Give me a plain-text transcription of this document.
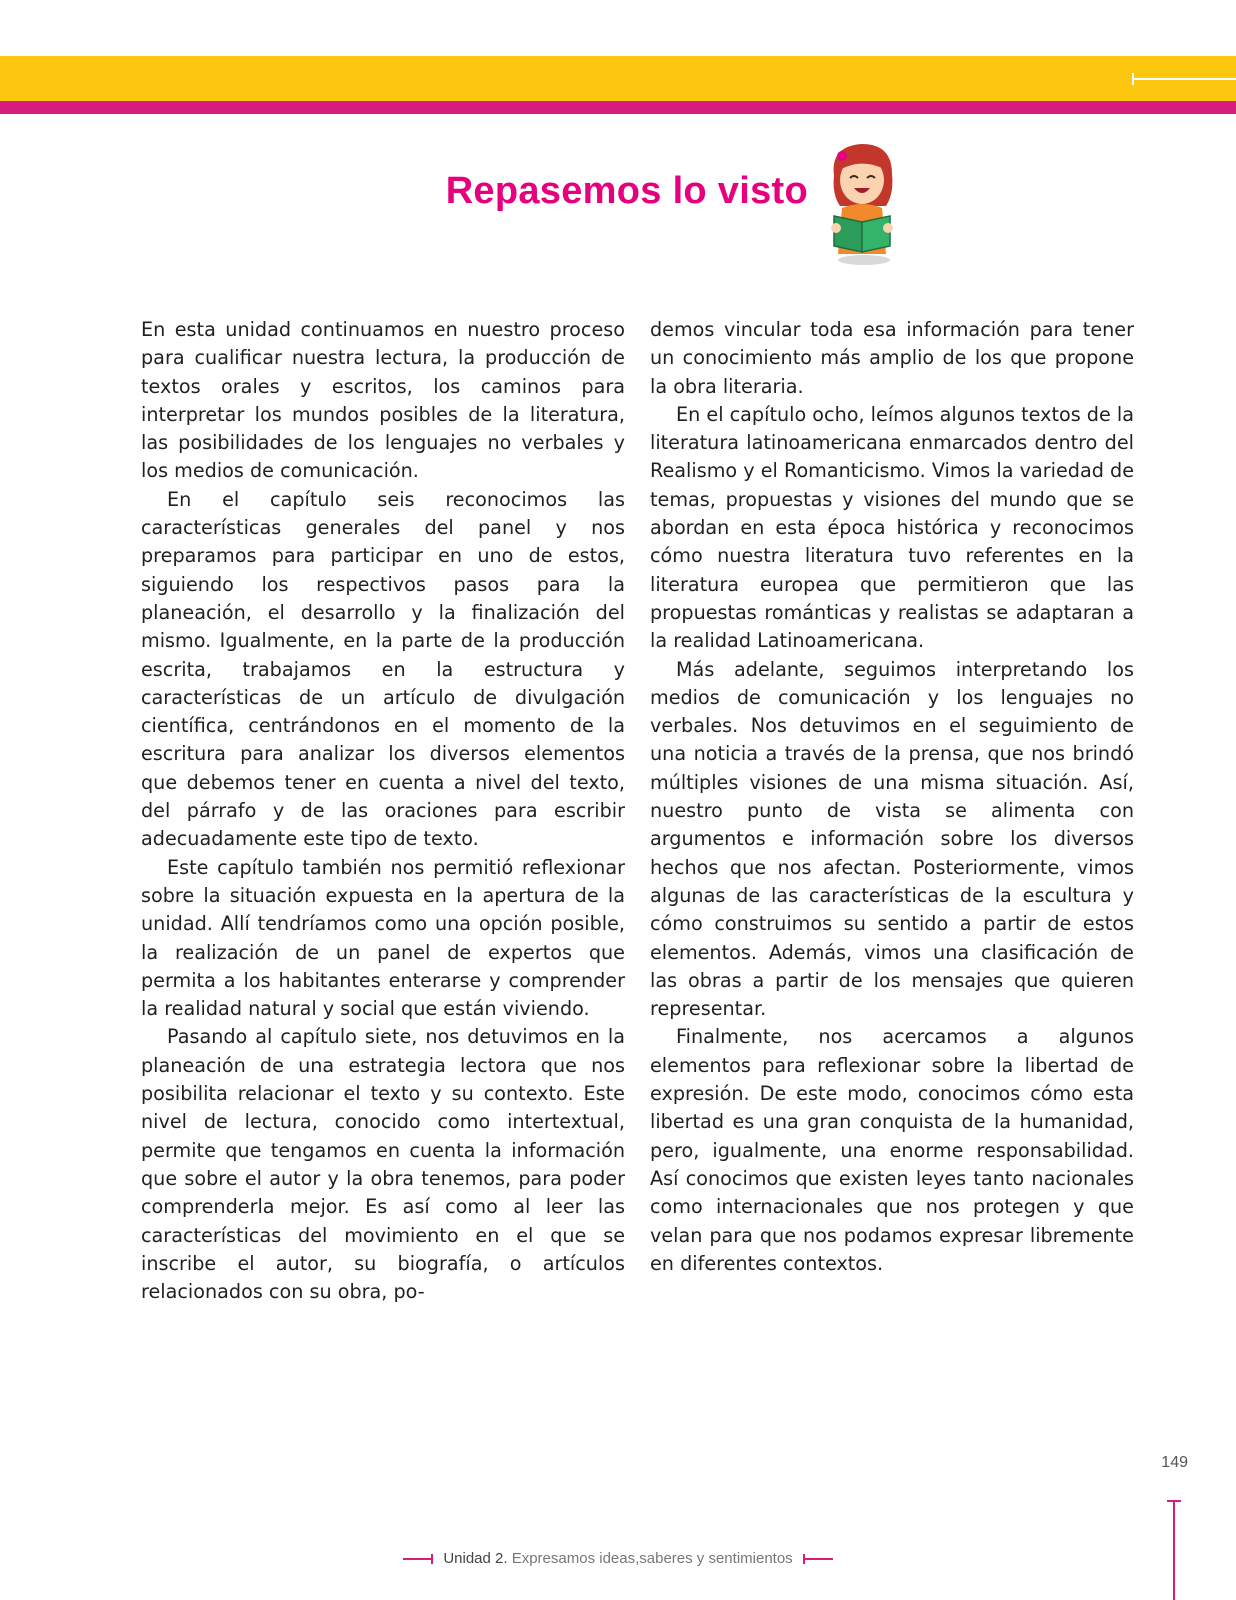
Repasemos lo visto

En esta unidad continuamos en nuestro proceso para cualificar nuestra lectura, la producción de textos orales y escritos, los caminos para interpretar los mundos posibles de la literatura, las posibilidades de los lenguajes no verbales y los medios de comunicación.

En el capítulo seis reconocimos las características generales del panel y nos preparamos para participar en uno de estos, siguiendo los respectivos pasos para la planeación, el desarrollo y la finalización del mismo. Igualmente, en la parte de la producción escrita, trabajamos en la estructura y características de un artículo de divulgación científica, centrándonos en el momento de la escritura para analizar los diversos elementos que debemos tener en cuenta a nivel del texto, del párrafo y de las oraciones para escribir adecuadamente este tipo de texto.

Este capítulo también nos permitió reflexionar sobre la situación expuesta en la apertura de la unidad. Allí tendríamos como una opción posible, la realización de un panel de expertos que permita a los habitantes enterarse y comprender la realidad natural y social que están viviendo.

Pasando al capítulo siete, nos detuvimos en la planeación de una estrategia lectora que nos posibilita relacionar el texto y su contexto. Este nivel de lectura, conocido como intertextual, permite que tengamos en cuenta la información que sobre el autor y la obra tenemos, para poder comprenderla mejor. Es así como al leer las características del movimiento en el que se inscribe el autor, su biografía, o artículos relacionados con su obra, po-

demos vincular toda esa información para tener un conocimiento más amplio de los que propone la obra literaria.

En el capítulo ocho, leímos algunos textos de la literatura latinoamericana enmarcados dentro del Realismo y el Romanticismo. Vimos la variedad de temas, propuestas y visiones del mundo que se abordan en esta época histórica y reconocimos cómo nuestra literatura tuvo referentes en la literatura europea que permitieron que las propuestas románticas y realistas se adaptaran a la realidad Latinoamericana.

Más adelante, seguimos interpretando los medios de comunicación y los lenguajes no verbales. Nos detuvimos en el seguimiento de una noticia a través de la prensa, que nos brindó múltiples visiones de una misma situación. Así, nuestro punto de vista se alimenta con argumentos e información sobre los diversos hechos que nos afectan. Posteriormente, vimos algunas de las características de la escultura y cómo construimos su sentido a partir de estos elementos. Además, vimos una clasificación de las obras a partir de los mensajes que quieren representar.

Finalmente, nos acercamos a algunos elementos para reflexionar sobre la libertad de expresión. De este modo, conocimos cómo esta libertad es una gran conquista de la humanidad, pero, igualmente, una enorme responsabilidad. Así conocimos que existen leyes tanto nacionales como internacionales que nos protegen y que velan para que nos podamos expresar libremente en diferentes contextos.

149
Unidad 2. Expresamos ideas,saberes y sentimientos
